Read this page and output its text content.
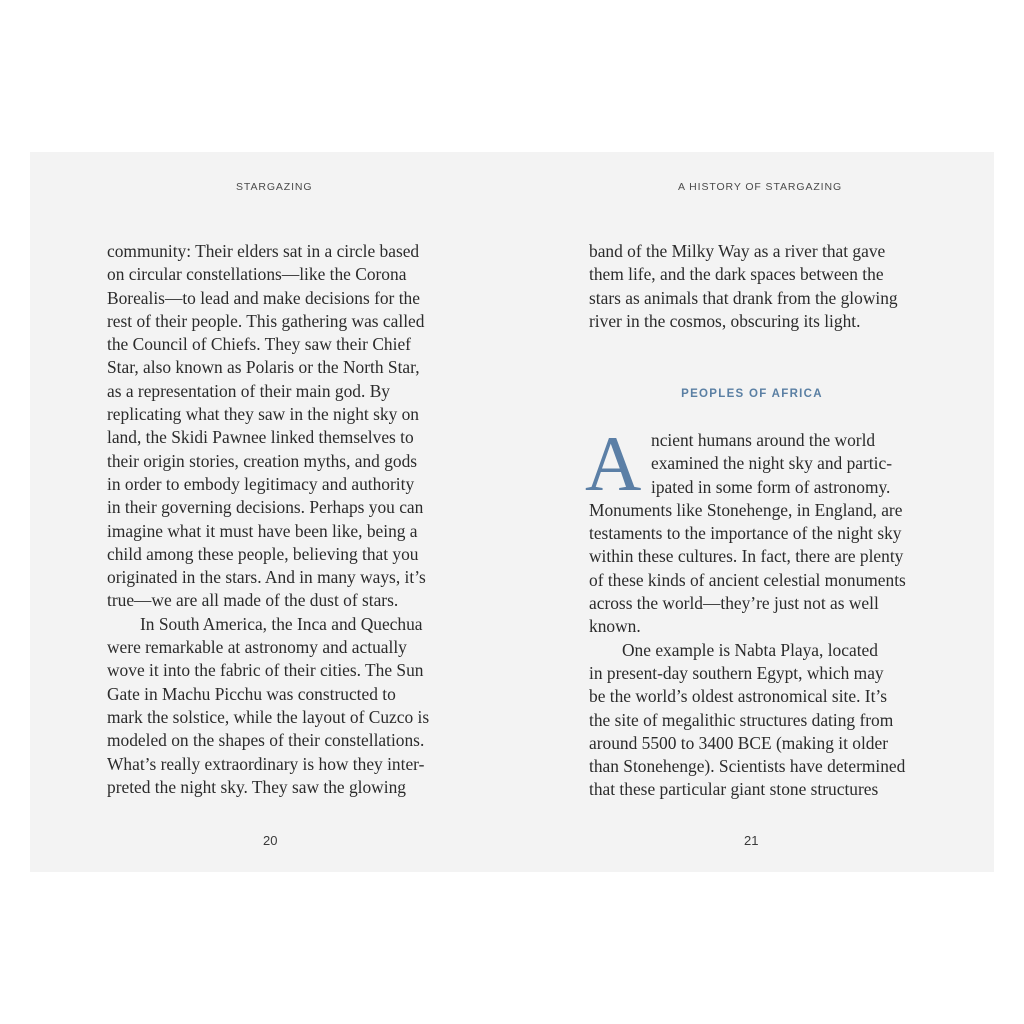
STARGAZING
community: Their elders sat in a circle based
on circular constellations—like the Corona
Borealis—to lead and make decisions for the
rest of their people. This gathering was called
the Council of Chiefs. They saw their Chief
Star, also known as Polaris or the North Star,
as a representation of their main god. By
replicating what they saw in the night sky on
land, the Skidi Pawnee linked themselves to
their origin stories, creation myths, and gods
in order to embody legitimacy and authority
in their governing decisions. Perhaps you can
imagine what it must have been like, being a
child among these people, believing that you
originated in the stars. And in many ways, it’s
true—we are all made of the dust of stars.
In South America, the Inca and Quechua
were remarkable at astronomy and actually
wove it into the fabric of their cities. The Sun
Gate in Machu Picchu was constructed to
mark the solstice, while the layout of Cuzco is
modeled on the shapes of their constellations.
What’s really extraordinary is how they inter-
preted the night sky. They saw the glowing
20
A HISTORY OF STARGAZING
band of the Milky Way as a river that gave
them life, and the dark spaces between the
stars as animals that drank from the glowing
river in the cosmos, obscuring its light.
PEOPLES OF AFRICA
A ncient humans around the world
examined the night sky and partic-
ipated in some form of astronomy.
Monuments like Stonehenge, in England, are
testaments to the importance of the night sky
within these cultures. In fact, there are plenty
of these kinds of ancient celestial monuments
across the world—they’re just not as well
known.
One example is Nabta Playa, located
in present-day southern Egypt, which may
be the world’s oldest astronomical site. It’s
the site of megalithic structures dating from
around 5500 to 3400 BCE (making it older
than Stonehenge). Scientists have determined
that these particular giant stone structures
21
